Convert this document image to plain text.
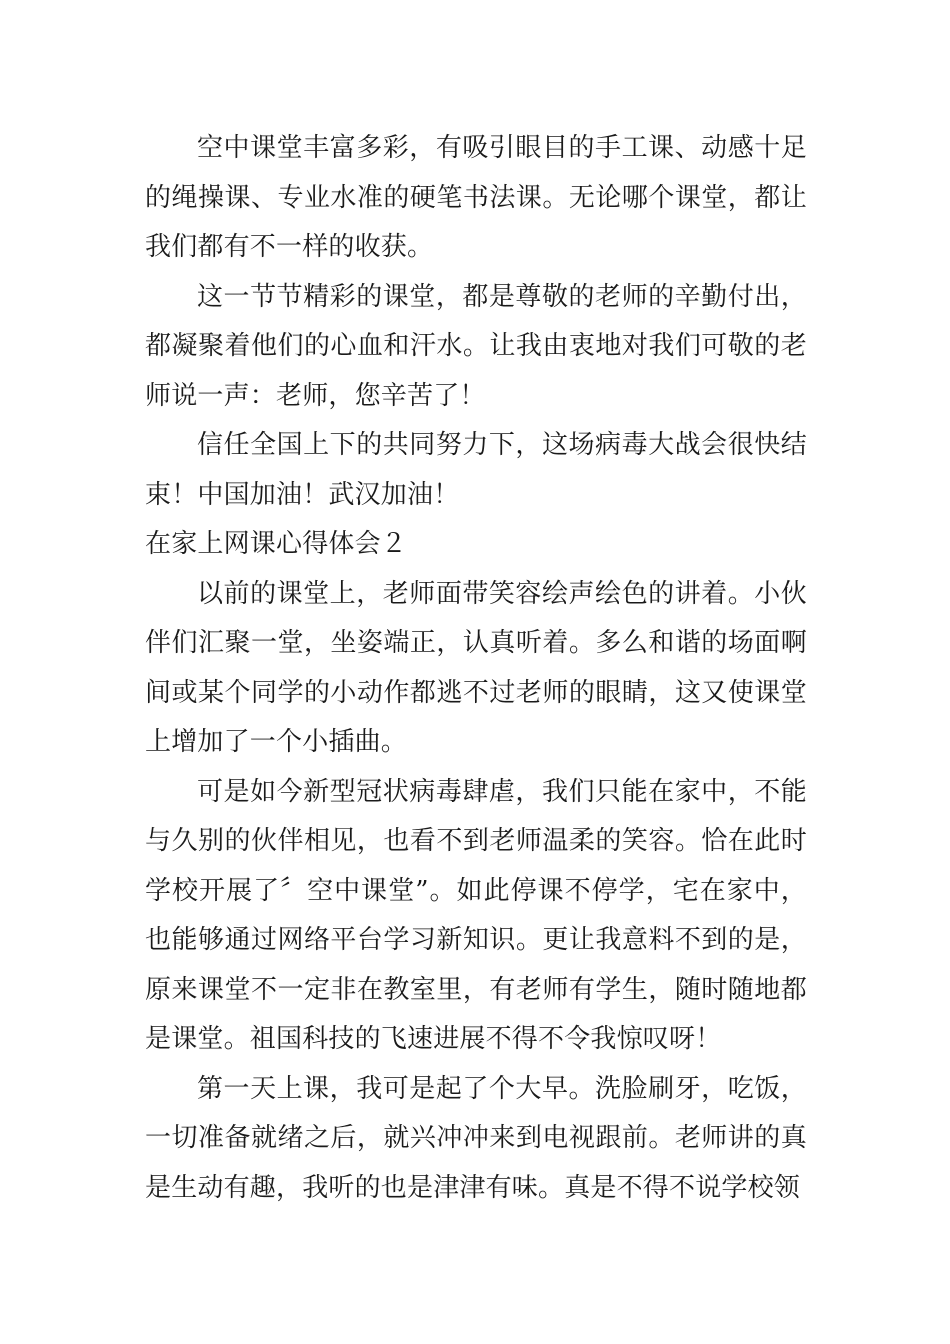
空中课堂丰富多彩，有吸引眼目的手工课、动感十足的绳操课、专业水准的硬笔书法课。无论哪个课堂，都让我们都有不一样的收获。

这一节节精彩的课堂，都是尊敬的老师的辛勤付出，都凝聚着他们的心血和汗水。让我由衷地对我们可敬的老师说一声：老师，您辛苦了！

信任全国上下的共同努力下，这场病毒大战会很快结束！中国加油！武汉加油！

在家上网课心得体会２

以前的课堂上，老师面带笑容绘声绘色的讲着。小伙伴们汇聚一堂，坐姿端正，认真听着。多么和谐的场面啊间或某个同学的小动作都逃不过老师的眼睛，这又使课堂上增加了一个小插曲。

可是如今新型冠状病毒肆虐，我们只能在家中，不能与久别的伙伴相见，也看不到老师温柔的笑容。恰在此时学校开展了〞空中课堂”。如此停课不停学，宅在家中，也能够通过网络平台学习新知识。更让我意料不到的是，原来课堂不一定非在教室里，有老师有学生，随时随地都是课堂。祖国科技的飞速进展不得不令我惊叹呀！

第一天上课，我可是起了个大早。洗脸刷牙，吃饭，一切准备就绪之后，就兴冲冲来到电视跟前。老师讲的真是生动有趣，我听的也是津津有味。真是不得不说学校领
